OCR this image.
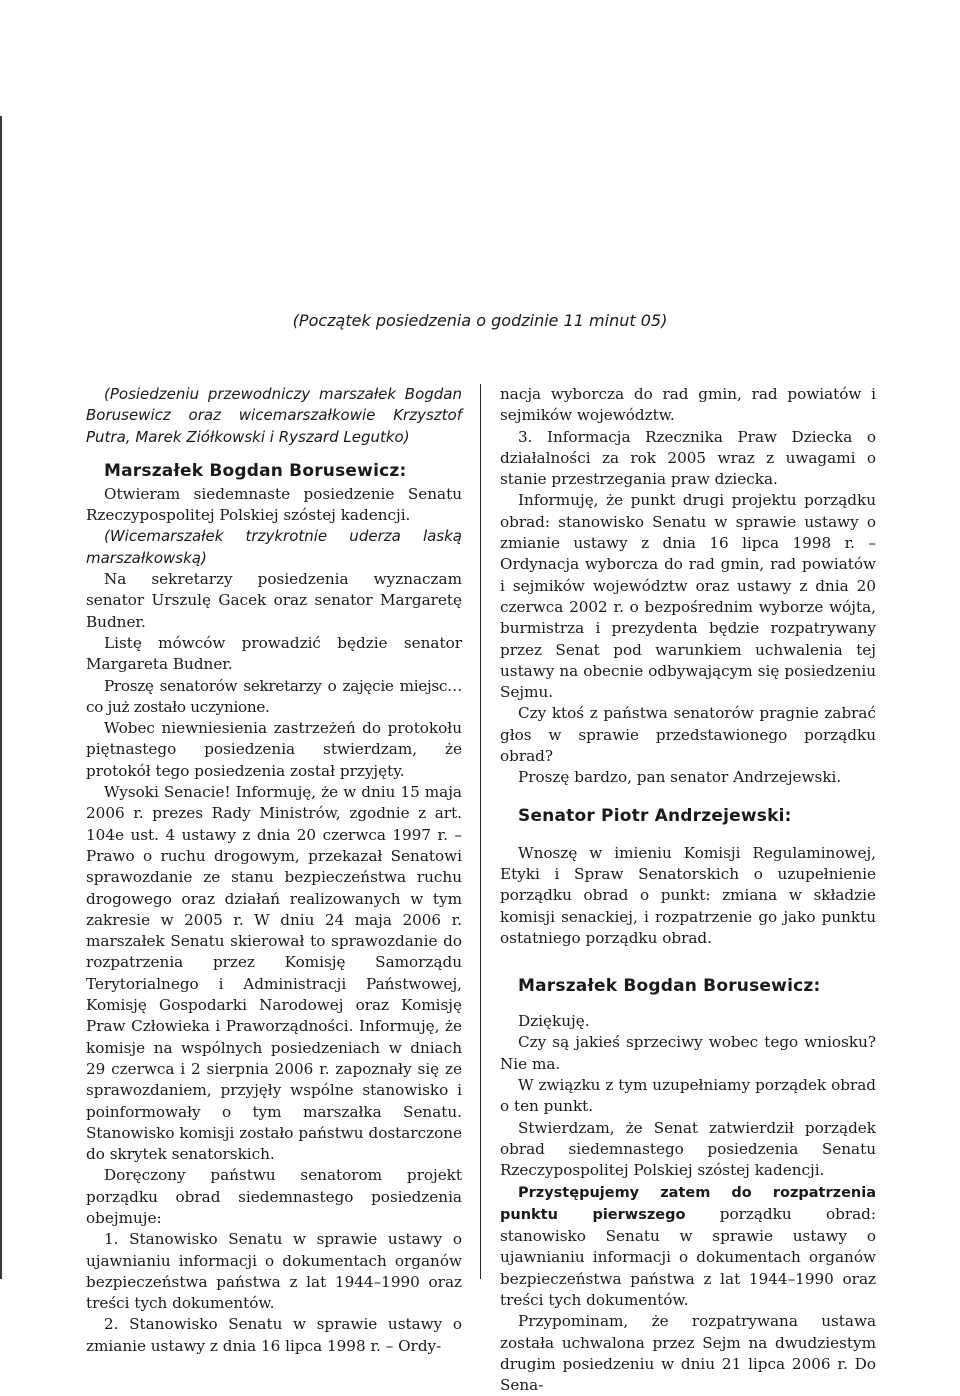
(Początek posiedzenia o godzinie 11 minut 05)

(Posiedzeniu przewodniczy marszałek Bogdan Borusewicz oraz wicemarszałkowie Krzysztof Putra, Marek Ziółkowski i Ryszard Legutko)

Marszałek Bogdan Borusewicz:

Otwieram siedemnaste posiedzenie Senatu Rzeczypospolitej Polskiej szóstej kadencji.

(Wicemarszałek trzykrotnie uderza laską marszałkowską)

Na sekretarzy posiedzenia wyznaczam senator Urszulę Gacek oraz senator Margaretę Budner.

Listę mówców prowadzić będzie senator Margareta Budner.

Proszę senatorów sekretarzy o zajęcie miejsc… co już zostało uczynione.

Wobec niewniesienia zastrzeżeń do protokołu piętnastego posiedzenia stwierdzam, że protokół tego posiedzenia został przyjęty.

Wysoki Senacie! Informuję, że w dniu 15 maja 2006 r. prezes Rady Ministrów, zgodnie z art. 104e ust. 4 ustawy z dnia 20 czerwca 1997 r. – Prawo o ruchu drogowym, przekazał Senatowi sprawozdanie ze stanu bezpieczeństwa ruchu drogowego oraz działań realizowanych w tym zakresie w 2005 r. W dniu 24 maja 2006 r. marszałek Senatu skierował to sprawozdanie do rozpatrzenia przez Komisję Samorządu Terytorialnego i Administracji Państwowej, Komisję Gospodarki Narodowej oraz Komisję Praw Człowieka i Praworządności. Informuję, że komisje na wspólnych posiedzeniach w dniach 29 czerwca i 2 sierpnia 2006 r. zapoznały się ze sprawozdaniem, przyjęły wspólne stanowisko i poinformowały o tym marszałka Senatu. Stanowisko komisji zostało państwu dostarczone do skrytek senatorskich.

Doręczony państwu senatorom projekt porządku obrad siedemnastego posiedzenia obejmuje:

1. Stanowisko Senatu w sprawie ustawy o ujawnianiu informacji o dokumentach organów bezpieczeństwa państwa z lat 1944–1990 oraz treści tych dokumentów.

2. Stanowisko Senatu w sprawie ustawy o zmianie ustawy z dnia 16 lipca 1998 r. – Ordy-

nacja wyborcza do rad gmin, rad powiatów i sejmików województw.

3. Informacja Rzecznika Praw Dziecka o działalności za rok 2005 wraz z uwagami o stanie przestrzegania praw dziecka.

Informuję, że punkt drugi projektu porządku obrad: stanowisko Senatu w sprawie ustawy o zmianie ustawy z dnia 16 lipca 1998 r. – Ordynacja wyborcza do rad gmin, rad powiatów i sejmików województw oraz ustawy z dnia 20 czerwca 2002 r. o bezpośrednim wyborze wójta, burmistrza i prezydenta będzie rozpatrywany przez Senat pod warunkiem uchwalenia tej ustawy na obecnie odbywającym się posiedzeniu Sejmu.

Czy ktoś z państwa senatorów pragnie zabrać głos w sprawie przedstawionego porządku obrad?

Proszę bardzo, pan senator Andrzejewski.

Senator Piotr Andrzejewski:

Wnoszę w imieniu Komisji Regulaminowej, Etyki i Spraw Senatorskich o uzupełnienie porządku obrad o punkt: zmiana w składzie komisji senackiej, i rozpatrzenie go jako punktu ostatniego porządku obrad.

Marszałek Bogdan Borusewicz:

Dziękuję.

Czy są jakieś sprzeciwy wobec tego wniosku? Nie ma.

W związku z tym uzupełniamy porządek obrad o ten punkt.

Stwierdzam, że Senat zatwierdził porządek obrad siedemnastego posiedzenia Senatu Rzeczypospolitej Polskiej szóstej kadencji.

Przystępujemy zatem do rozpatrzenia punktu pierwszego porządku obrad: stanowisko Senatu w sprawie ustawy o ujawnianiu informacji o dokumentach organów bezpieczeństwa państwa z lat 1944–1990 oraz treści tych dokumentów.

Przypominam, że rozpatrywana ustawa została uchwalona przez Sejm na dwudziestym drugim posiedzeniu w dniu 21 lipca 2006 r. Do Sena-
